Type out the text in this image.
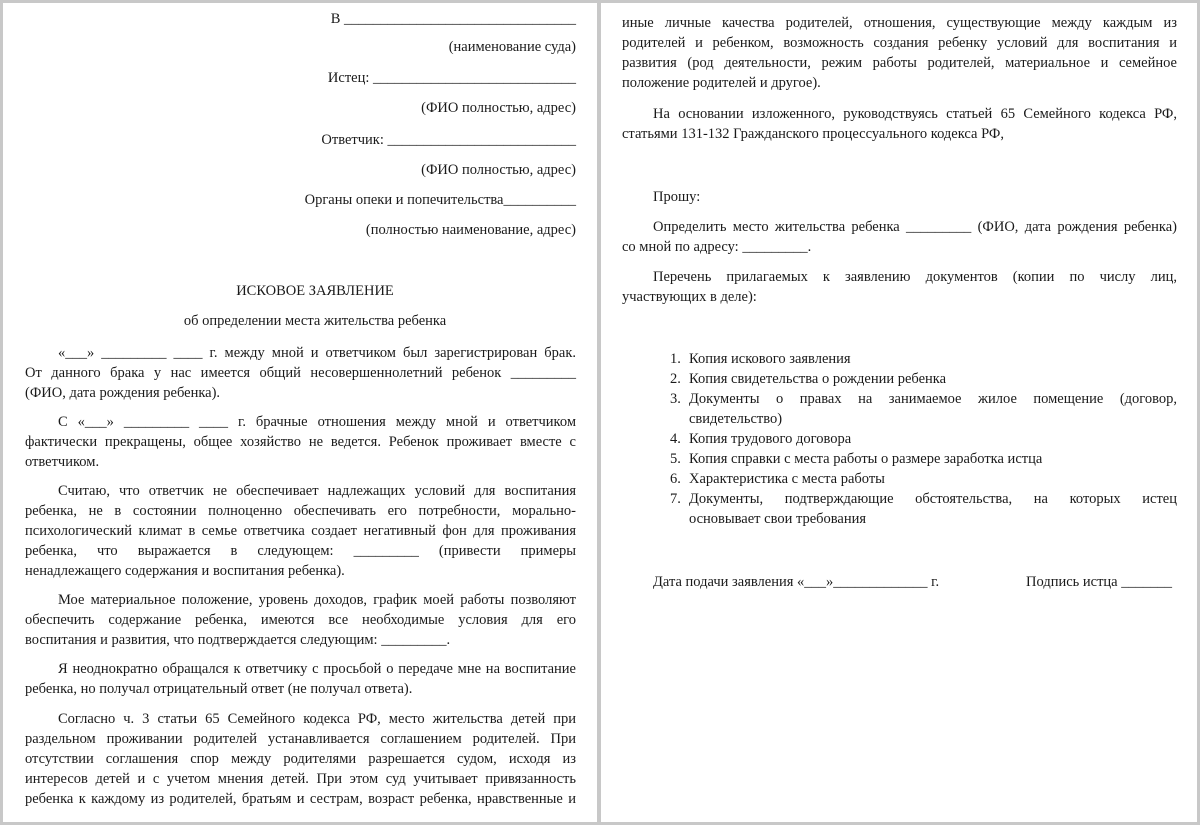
В ________________________________
(наименование суда)
Истец: ____________________________
(ФИО полностью, адрес)
Ответчик: __________________________
(ФИО полностью, адрес)
Органы опеки и попечительства__________
(полностью наименование, адрес)
ИСКОВОЕ ЗАЯВЛЕНИЕ
об определении места жительства ребенка
«___» _________ ____ г. между мной и ответчиком был зарегистрирован брак.
От данного брака у нас имеется общий несовершеннолетний ребенок _________
(ФИО, дата рождения ребенка).
С «___» _________ ____ г. брачные отношения между мной и ответчиком
фактически прекращены, общее хозяйство не ведется. Ребенок проживает вместе с
ответчиком.
Считаю, что ответчик не обеспечивает надлежащих условий для воспитания
ребенка, не в состоянии полноценно обеспечивать его потребности, морально-
психологический климат в семье ответчика создает негативный фон для проживания
ребенка, что выражается в следующем: _________ (привести примеры
ненадлежащего содержания и воспитания ребенка).
Мое материальное положение, уровень доходов, график моей работы позволяют
обеспечить содержание ребенка, имеются все необходимые условия для его
воспитания и развития, что подтверждается следующим: _________.
Я неоднократно обращался к ответчику с просьбой о передаче мне на воспитание
ребенка, но получал отрицательный ответ (не получал ответа).
Согласно ч. 3 статьи 65 Семейного кодекса РФ, место жительства детей при
раздельном проживании родителей устанавливается соглашением родителей. При
отсутствии соглашения спор между родителями разрешается судом, исходя из
интересов детей и с учетом мнения детей. При этом суд учитывает привязанность
ребенка к каждому из родителей, братьям и сестрам, возраст ребенка, нравственные и
иные личные качества родителей, отношения, существующие между каждым из
родителей и ребенком, возможность создания ребенку условий для воспитания и
развития (род деятельности, режим работы родителей, материальное и семейное
положение родителей и другое).
На основании изложенного, руководствуясь статьей 65 Семейного кодекса РФ,
статьями 131-132 Гражданского процессуального кодекса РФ,
Прошу:
Определить место жительства ребенка _________ (ФИО, дата рождения ребенка)
со мной по адресу: _________.
Перечень прилагаемых к заявлению документов (копии по числу лиц,
участвующих в деле):
1. Копия искового заявления
2. Копия свидетельства о рождении ребенка
3. Документы о правах на занимаемое жилое помещение (договор,
свидетельство)
4. Копия трудового договора
5. Копия справки с места работы о размере заработка истца
6. Характеристика с места работы
7. Документы, подтверждающие обстоятельства, на которых истец
основывает свои требования
Дата подачи заявления «___»_____________ г.	Подпись истца _______
